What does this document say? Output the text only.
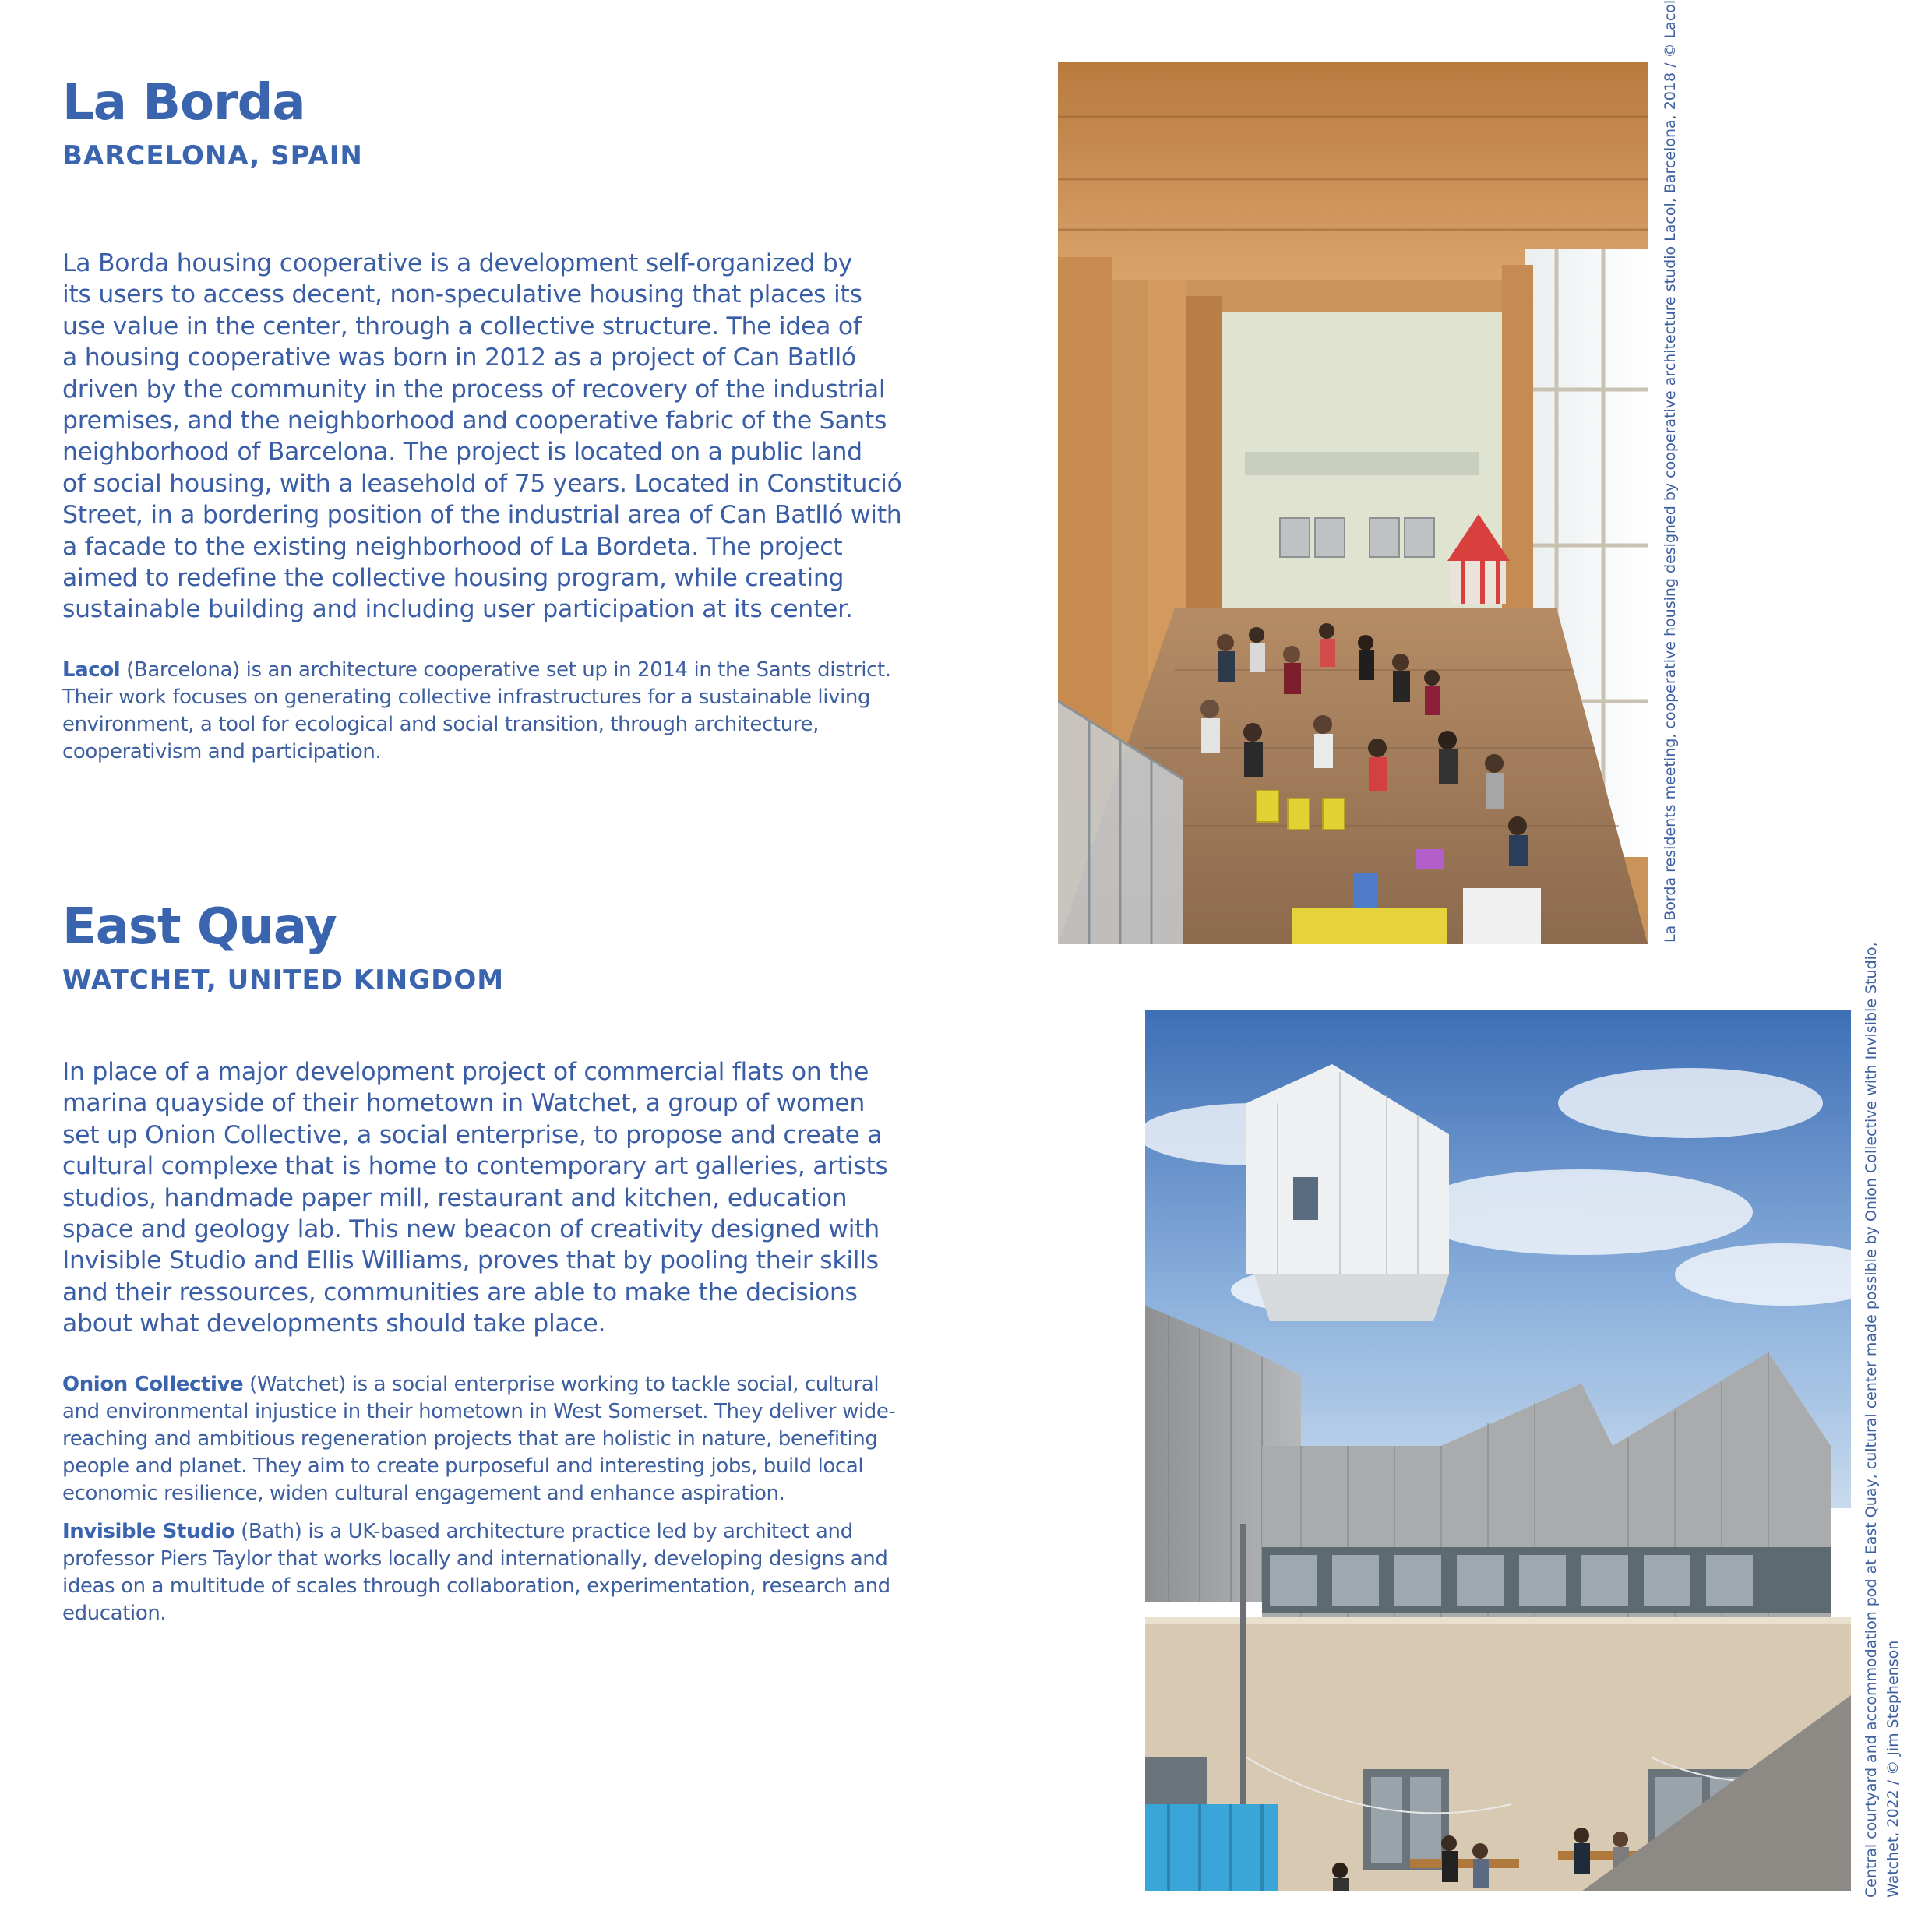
La Borda
BARCELONA, SPAIN

La Borda housing cooperative is a development self-organized by
its users to access decent, non-speculative housing that places its
use value in the center, through a collective structure. The idea of
a housing cooperative was born in 2012 as a project of Can Batlló
driven by the community in the process of recovery of the industrial
premises, and the neighborhood and cooperative fabric of the Sants
neighborhood of Barcelona. The project is located on a public land
of social housing, with a leasehold of 75 years. Located in Constitució
Street, in a bordering position of the industrial area of Can Batlló with
a facade to the existing neighborhood of La Bordeta. The project
aimed to redefine the collective housing program, while creating
sustainable building and including user participation at its center.

Lacol (Barcelona) is an architecture cooperative set up in 2014 in the Sants district.
Their work focuses on generating collective infrastructures for a sustainable living
environment, a tool for ecological and social transition, through architecture,
cooperativism and participation.

East Quay
WATCHET, UNITED KINGDOM

In place of a major development project of commercial flats on the
marina quayside of their hometown in Watchet, a group of women
set up Onion Collective, a social enterprise, to propose and create a
cultural complexe that is home to contemporary art galleries, artists
studios, handmade paper mill, restaurant and kitchen, education
space and geology lab. This new beacon of creativity designed with
Invisible Studio and Ellis Williams, proves that by pooling their skills
and their ressources, communities are able to make the decisions
about what developments should take place.

Onion Collective (Watchet) is a social enterprise working to tackle social, cultural
and environmental injustice in their hometown in West Somerset. They deliver wide-
reaching and ambitious regeneration projects that are holistic in nature, benefiting
people and planet. They aim to create purposeful and interesting jobs, build local
economic resilience, widen cultural engagement and enhance aspiration.

Invisible Studio (Bath) is a UK-based architecture practice led by architect and
professor Piers Taylor that works locally and internationally, developing designs and
ideas on a multitude of scales through collaboration, experimentation, research and
education.

La Borda residents meeting, cooperative housing designed by cooperative architecture studio Lacol, Barcelona, 2018 / © Lacol
Central courtyard and accommodation pod at East Quay, cultural center made possible by Onion Collective with Invisible Studio, Watchet, 2022 / © Jim Stephenson
